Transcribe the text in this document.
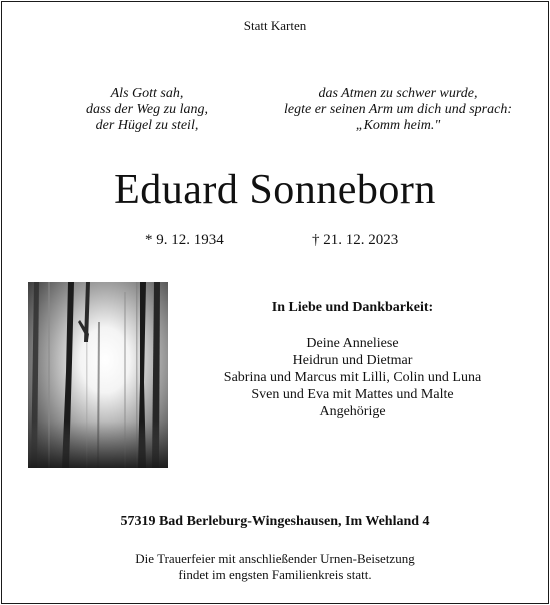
Statt Karten
Als Gott sah,
dass der Weg zu lang,
der Hügel zu steil,
das Atmen zu schwer wurde,
legte er seinen Arm um dich und sprach:
„Komm heim."
Eduard Sonneborn
* 9. 12. 1934	† 21. 12. 2023
In Liebe und Dankbarkeit:
Deine Anneliese
Heidrun und Dietmar
Sabrina und Marcus mit Lilli, Colin und Luna
Sven und Eva mit Mattes und Malte
Angehörige
57319 Bad Berleburg-Wingeshausen, Im Wehland 4
Die Trauerfeier mit anschließender Urnen-Beisetzung
findet im engsten Familienkreis statt.
